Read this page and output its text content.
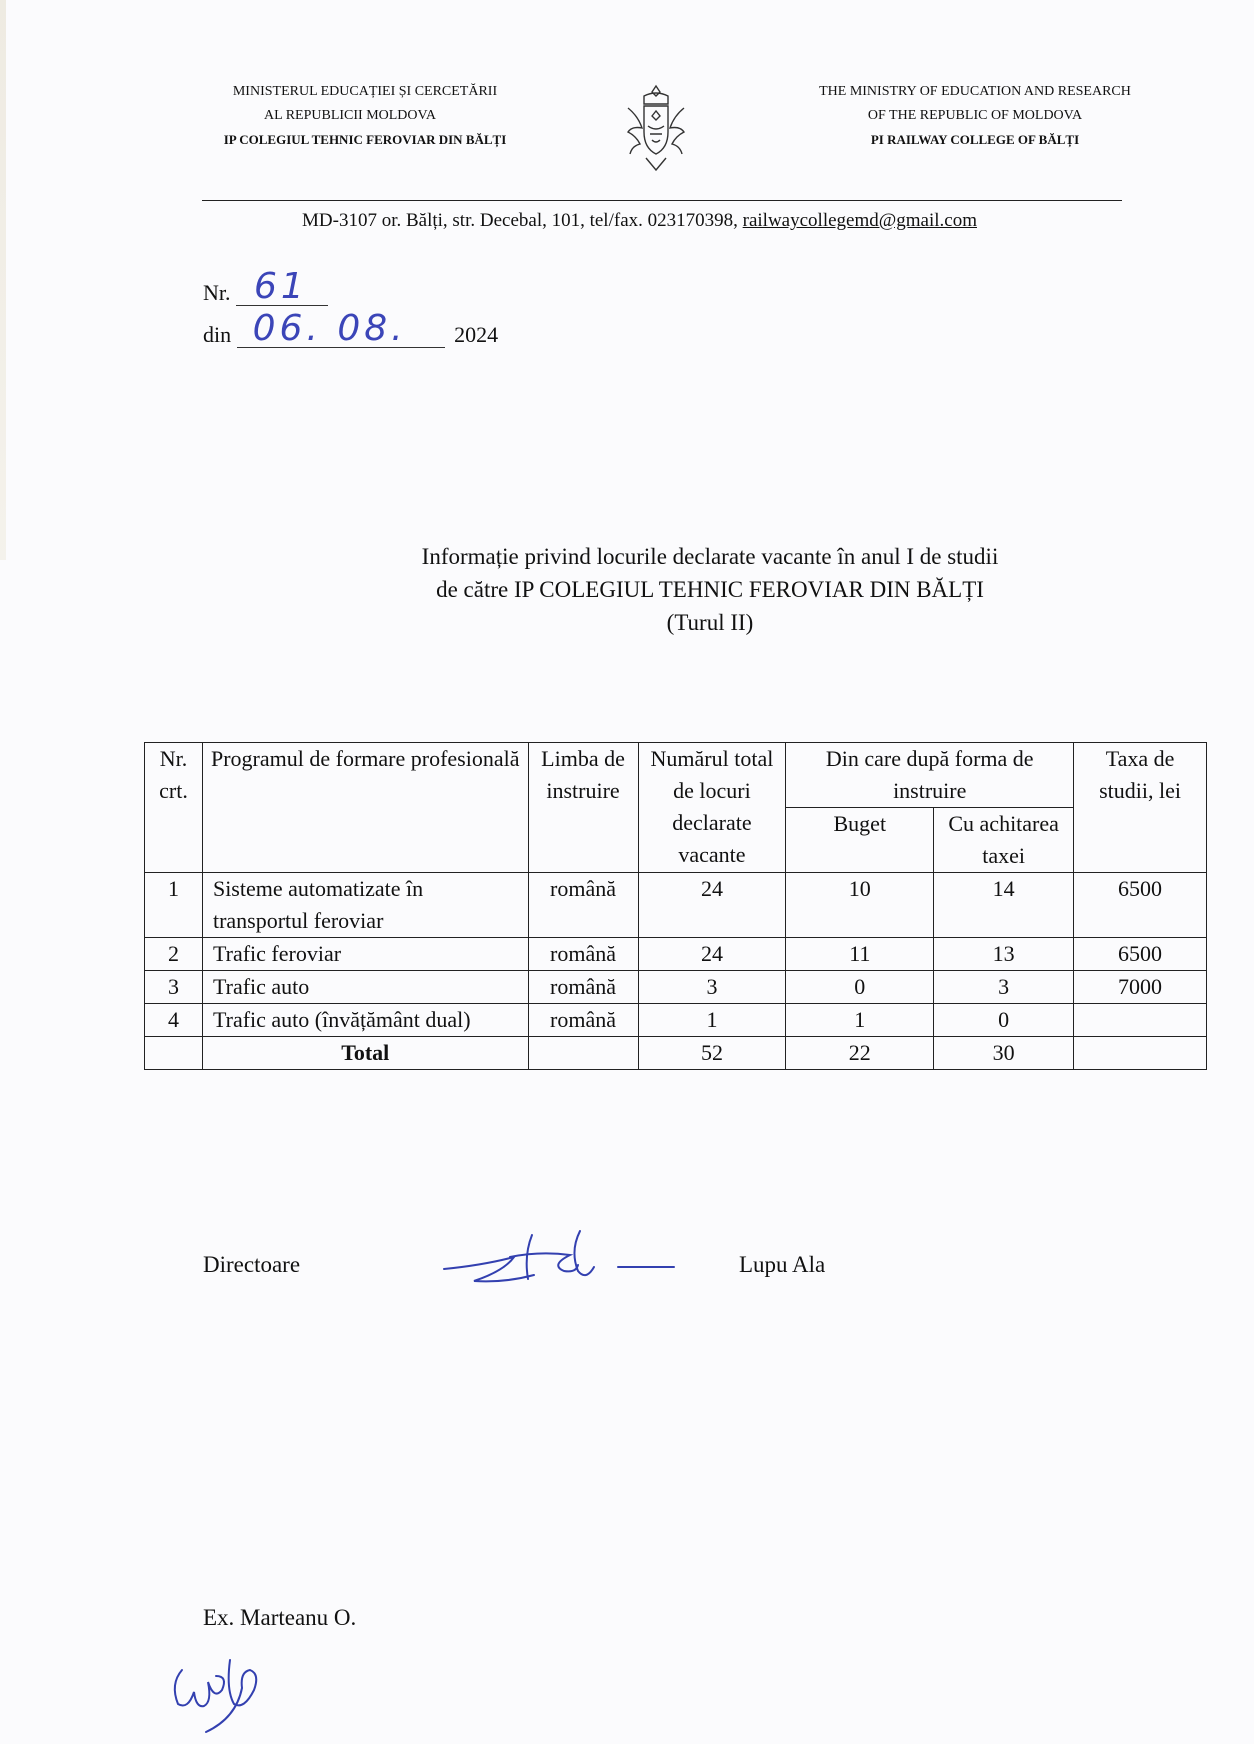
MINISTERUL EDUCAȚIEI ȘI CERCETĂRII
AL REPUBLICII MOLDOVA
IP COLEGIUL TEHNIC FEROVIAR DIN BĂLȚI
THE MINISTRY OF EDUCATION AND RESEARCH
OF THE REPUBLIC OF MOLDOVA
PI RAILWAY COLLEGE OF BĂLȚI
MD-3107 or. Bălți, str. Decebal, 101, tel/fax. 023170398, railwaycollegemd@gmail.com
Nr. 61
din 06. 08. 2024
Informație privind locurile declarate vacante în anul I de studii
de către IP COLEGIUL TEHNIC FEROVIAR DIN BĂLȚI
(Turul II)
Nr. crt.	Programul de formare profesională	Limba de instruire	Numărul total de locuri declarate vacante	Din care după forma de instruire		Taxa de studii, lei
				Buget	Cu achitarea taxei	
1	Sisteme automatizate în transportul feroviar	română	24	10	14	6500
2	Trafic feroviar	română	24	11	13	6500
3	Trafic auto	română	3	0	3	7000
4	Trafic auto (învățământ dual)	română	1	1	0	
	Total		52	22	30	
Directoare	Lupu Ala
Ex. Marteanu O.
